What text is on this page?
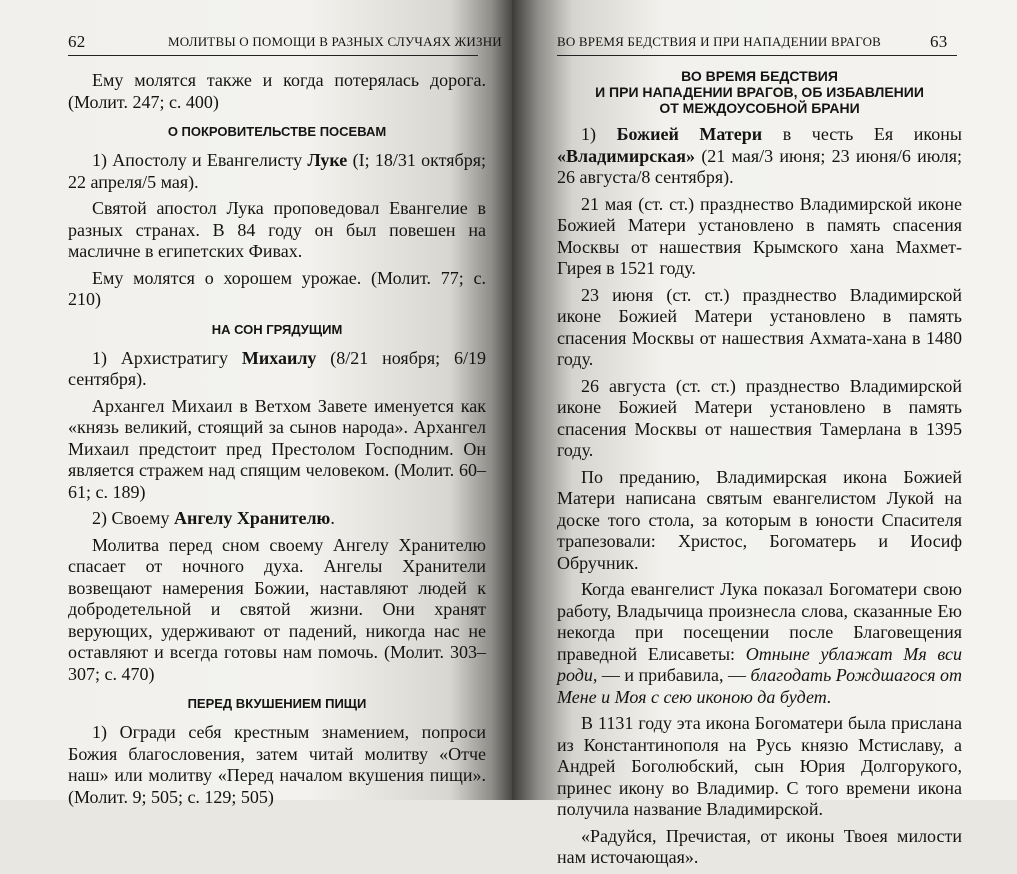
62	МОЛИТВЫ О ПОМОЩИ В РАЗНЫХ СЛУЧАЯХ ЖИЗНИ

Ему молятся также и когда потерялась дорога. (Молит. 247; с. 400)

О ПОКРОВИТЕЛЬСТВЕ ПОСЕВАМ

1) Апостолу и Евангелисту Луке (I; 18/31 октября; 22 апреля/5 мая).

Святой апостол Лука проповедовал Евангелие в разных странах. В 84 году он был повешен на масличне в египетских Фивах.

Ему молятся о хорошем урожае. (Молит. 77; с. 210)

НА СОН ГРЯДУЩИМ

1) Архистратигу Михаилу (8/21 ноября; 6/19 сентября).

Архангел Михаил в Ветхом Завете именуется как «князь великий, стоящий за сынов народа». Архангел Михаил предстоит пред Престолом Господним. Он является стражем над спящим человеком. (Молит. 60–61; с. 189)

2) Своему Ангелу Хранителю.

Молитва перед сном своему Ангелу Хранителю спасает от ночного духа. Ангелы Хранители возвещают намерения Божии, наставляют людей к добродетельной и святой жизни. Они хранят верующих, удерживают от падений, никогда нас не оставляют и всегда готовы нам помочь. (Молит. 303–307; с. 470)

ПЕРЕД ВКУШЕНИЕМ ПИЩИ

1) Огради себя крестным знамением, попроси Божия благословения, затем читай молитву «Отче наш» или молитву «Перед началом вкушения пищи». (Молит. 9; 505; с. 129; 505)

ВО ВРЕМЯ БЕДСТВИЯ И ПРИ НАПАДЕНИИ ВРАГОВ	63
ВО ВРЕМЯ БЕДСТВИЯ
И ПРИ НАПАДЕНИИ ВРАГОВ, ОБ ИЗБАВЛЕНИИ
ОТ МЕЖДОУСОБНОЙ БРАНИ

1) Божией Матери в честь Ея иконы «Владимирская» (21 мая/3 июня; 23 июня/6 июля; 26 августа/8 сентября).

21 мая (ст. ст.) празднество Владимирской иконе Божией Матери установлено в память спасения Москвы от нашествия Крымского хана Махмет-Гирея в 1521 году.

23 июня (ст. ст.) празднество Владимирской иконе Божией Матери установлено в память спасения Москвы от нашествия Ахмата-хана в 1480 году.

26 августа (ст. ст.) празднество Владимирской иконе Божией Матери установлено в память спасения Москвы от нашествия Тамерлана в 1395 году.

По преданию, Владимирская икона Божией Матери написана святым евангелистом Лукой на доске того стола, за которым в юности Спасителя трапезовали: Христос, Богоматерь и Иосиф Обручник.

Когда евангелист Лука показал Богоматери свою работу, Владычица произнесла слова, сказанные Ею некогда при посещении после Благовещения праведной Елисаветы: Отныне ублажат Мя вси роди, — и прибавила, — благодать Рождшагося от Мене и Моя с сею иконою да будет.

В 1131 году эта икона Богоматери была прислана из Константинополя на Русь князю Мстиславу, а Андрей Боголюбский, сын Юрия Долгорукого, принес икону во Владимир. С того времени икона получила название Владимирской.

«Радуйся, Пречистая, от иконы Твоея милости нам источающая».
